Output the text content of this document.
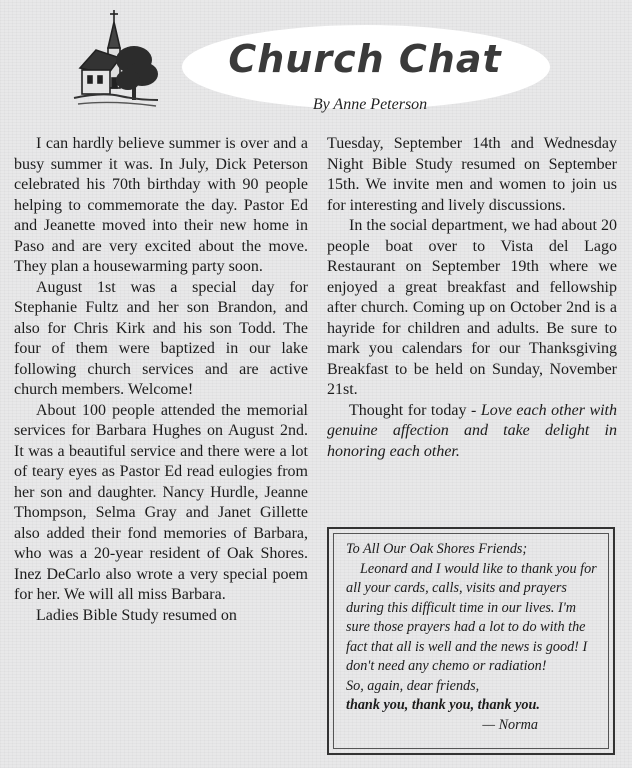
Church Chat
By Anne Peterson

I can hardly believe summer is over and a busy summer it was. In July, Dick Peterson celebrated his 70th birthday with 90 people helping to commemorate the day. Pastor Ed and Jeanette moved into their new home in Paso and are very excited about the move. They plan a housewarming party soon.

August 1st was a special day for Stephanie Fultz and her son Brandon, and also for Chris Kirk and his son Todd. The four of them were baptized in our lake following church services and are active church members. Welcome!

About 100 people attended the memorial services for Barbara Hughes on August 2nd. It was a beautiful service and there were a lot of teary eyes as Pastor Ed read eulogies from her son and daughter. Nancy Hurdle, Jeanne Thompson, Selma Gray and Janet Gillette also added their fond memories of Barbara, who was a 20-year resident of Oak Shores. Inez DeCarlo also wrote a very special poem for her. We will all miss Barbara.

Ladies Bible Study resumed on

Tuesday, September 14th and Wednesday Night Bible Study resumed on September 15th. We invite men and women to join us for interesting and lively discussions.

In the social department, we had about 20 people boat over to Vista del Lago Restaurant on September 19th where we enjoyed a great breakfast and fellowship after church. Coming up on October 2nd is a hayride for children and adults. Be sure to mark you calendars for our Thanksgiving Breakfast to be held on Sunday, November 21st.

Thought for today - Love each other with genuine affection and take delight in honoring each other.

To All Our Oak Shores Friends;
Leonard and I would like to thank you for all your cards, calls, visits and prayers during this difficult time in our lives. I'm sure those prayers had a lot to do with the fact that all is well and the news is good! I don't need any chemo or radiation!
So, again, dear friends,
thank you, thank you, thank you.
— Norma
